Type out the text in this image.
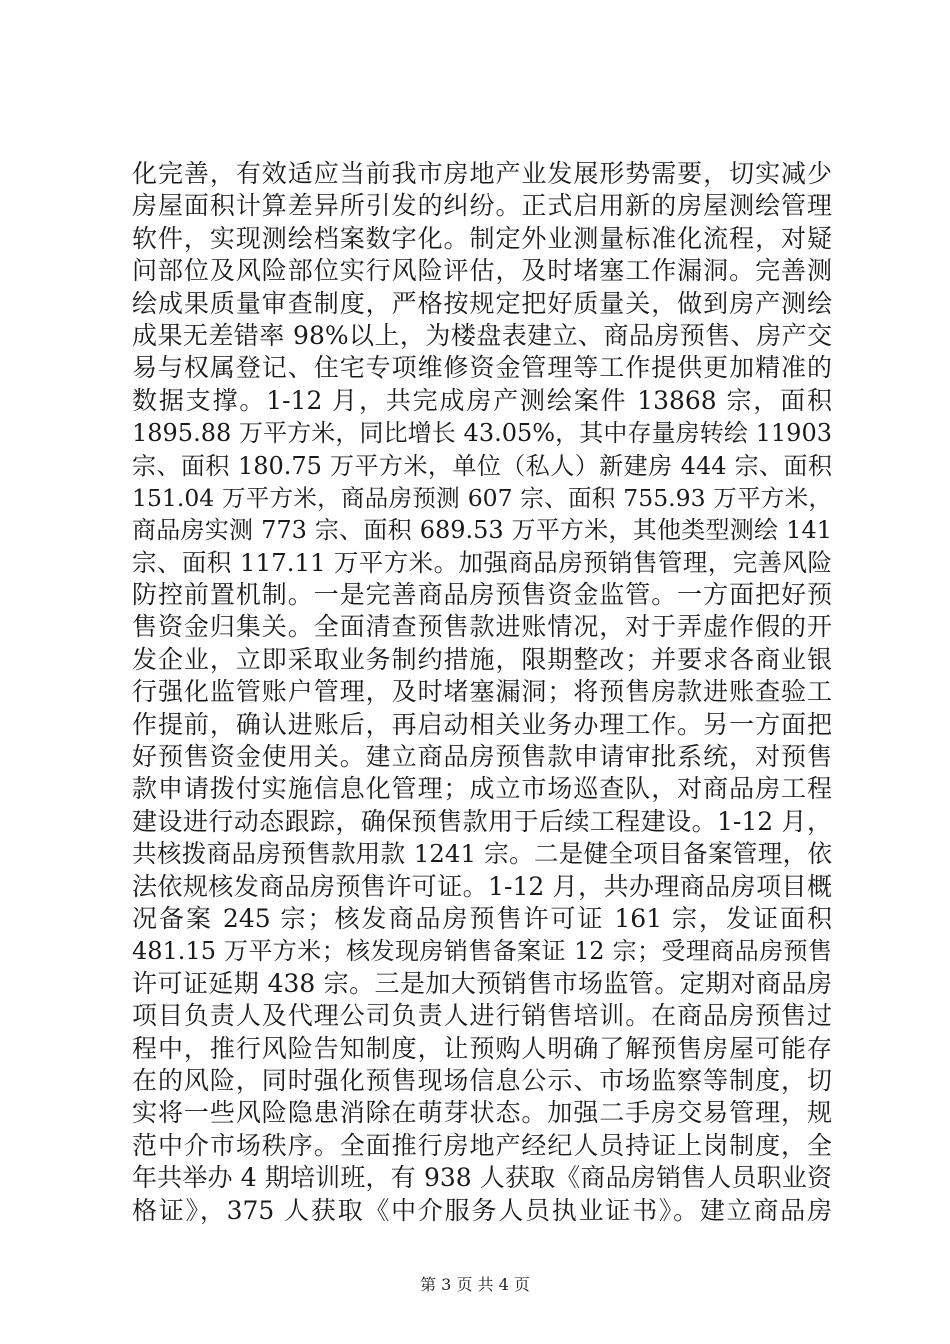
化完善，有效适应当前我市房地产业发展形势需要，切实减少
房屋面积计算差异所引发的纠纷。正式启用新的房屋测绘管理
软件，实现测绘档案数字化。制定外业测量标准化流程，对疑
问部位及风险部位实行风险评估，及时堵塞工作漏洞。完善测
绘成果质量审查制度，严格按规定把好质量关，做到房产测绘
成果无差错率 98%以上，为楼盘表建立、商品房预售、房产交
易与权属登记、住宅专项维修资金管理等工作提供更加精准的
数据支撑。1-12 月，共完成房产测绘案件 13868 宗，面积
1895.88 万平方米，同比增长 43.05%，其中存量房转绘 11903
宗、面积 180.75 万平方米，单位（私人）新建房 444 宗、面积
151.04 万平方米，商品房预测 607 宗、面积 755.93 万平方米，
商品房实测 773 宗、面积 689.53 万平方米，其他类型测绘 141
宗、面积 117.11 万平方米。加强商品房预销售管理，完善风险
防控前置机制。一是完善商品房预售资金监管。一方面把好预
售资金归集关。全面清查预售款进账情况，对于弄虚作假的开
发企业，立即采取业务制约措施，限期整改；并要求各商业银
行强化监管账户管理，及时堵塞漏洞；将预售房款进账查验工
作提前，确认进账后，再启动相关业务办理工作。另一方面把
好预售资金使用关。建立商品房预售款申请审批系统，对预售
款申请拨付实施信息化管理；成立市场巡查队，对商品房工程
建设进行动态跟踪，确保预售款用于后续工程建设。1-12 月，
共核拨商品房预售款用款 1241 宗。二是健全项目备案管理，依
法依规核发商品房预售许可证。1-12 月，共办理商品房项目概
况备案 245 宗；核发商品房预售许可证 161 宗，发证面积
481.15 万平方米；核发现房销售备案证 12 宗；受理商品房预售
许可证延期 438 宗。三是加大预销售市场监管。定期对商品房
项目负责人及代理公司负责人进行销售培训。在商品房预售过
程中，推行风险告知制度，让预购人明确了解预售房屋可能存
在的风险，同时强化预售现场信息公示、市场监察等制度，切
实将一些风险隐患消除在萌芽状态。加强二手房交易管理，规
范中介市场秩序。全面推行房地产经纪人员持证上岗制度，全
年共举办 4 期培训班，有 938 人获取《商品房销售人员职业资
格证》，375 人获取《中介服务人员执业证书》。建立商品房
第 3 页 共 4 页
